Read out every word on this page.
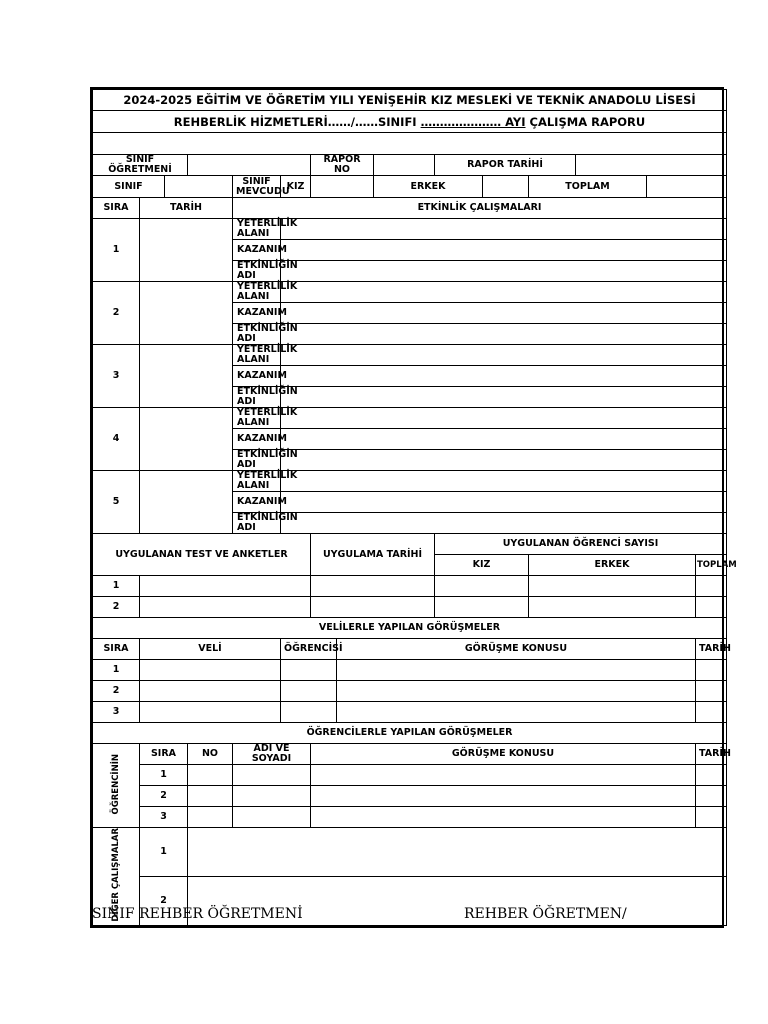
2024-2025 EĞİTİM VE ÖĞRETİM YILI YENİŞEHİR KIZ MESLEKİ VE TEKNİK ANADOLU LİSESİ														
REHBERLİK HİZMETLERİ……/……SINIFI ………………… AYI ÇALIŞMA RAPORU														

SINIF ÖĞRETMENİ						RAPOR NO			RAPOR TARİHİ					
SINIF				SINIF MEVCUDU	KIZ			ERKEK			TOPLAM			
SIRA	TARİH			ETKİNLİK ÇALIŞMALARI										
1				YETERLİLİK ALANI										
				KAZANIM										
				ETKİNLİĞİN ADI										
2				YETERLİLİK ALANI										
				KAZANIM										
				ETKİNLİĞİN ADI										
3				YETERLİLİK ALANI										
				KAZANIM										
				ETKİNLİĞİN ADI										
4				YETERLİLİK ALANI										
				KAZANIM										
				ETKİNLİĞİN ADI										
5				YETERLİLİK ALANI										
				KAZANIM										
				ETKİNLİGIN ADI										
UYGULANAN TEST VE ANKETLER						UYGULAMA TARİHİ			UYGULANAN ÖĞRENCİ SAYISI					
									KIZ		ERKEK			TOPLAM
1														
2														
VELİLERLE YAPILAN GÖRÜŞMELER														
SIRA	VELİ				ÖĞRENCİSİ		GÖRÜŞME KONUSU							TARİH
1														
2														
3														
ÖĞRENCİLERLE YAPILAN GÖRÜŞMELER														
ÖĞRENCİNİN	SIRA		NO	ADI VE SOYADI		GÖRÜŞME KONUSU								TARİH
	1													
	2													
	3													
DİĞER ÇALIŞMALAR	1													
	2													
SINIF REHBER ÖĞRETMENİ	REHBER ÖĞRETMEN/
